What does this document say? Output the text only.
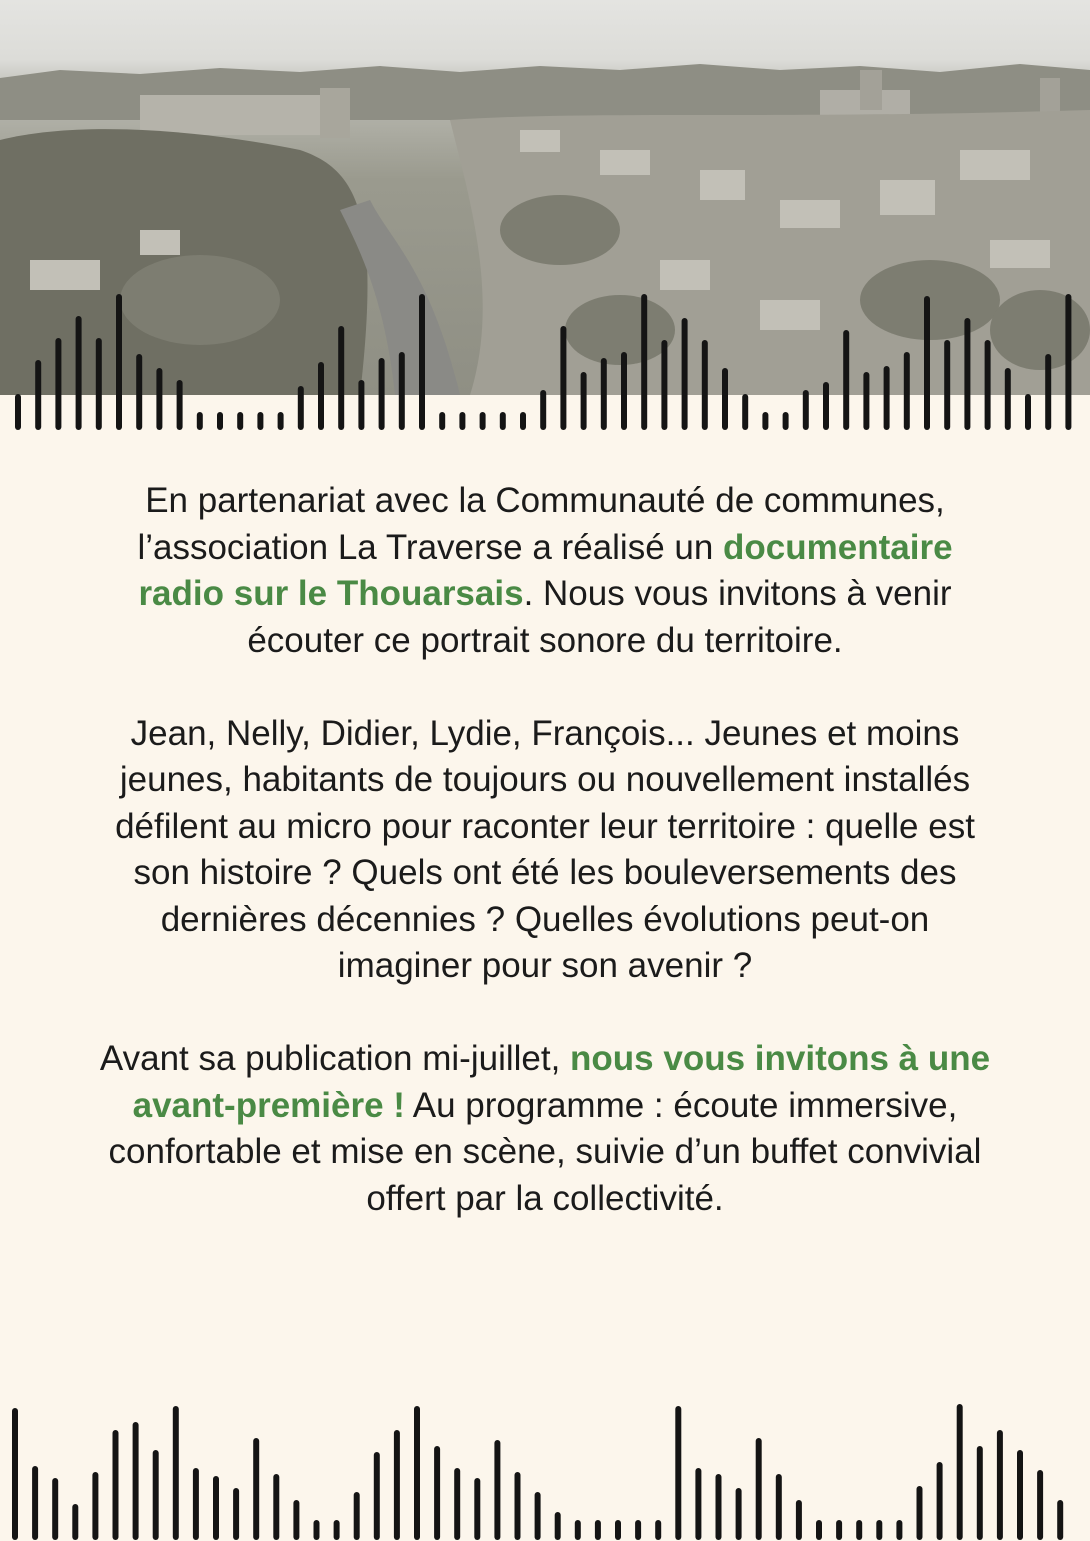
En partenariat avec la Communauté de communes, l’association La Traverse a réalisé un documentaire radio sur le Thouarsais. Nous vous invitons à venir écouter ce portrait sonore du territoire.

Jean, Nelly, Didier, Lydie, François... Jeunes et moins jeunes, habitants de toujours ou nouvellement installés défilent au micro pour raconter leur territoire : quelle est son histoire ? Quels ont été les bouleversements des dernières décennies ? Quelles évolutions peut-on imaginer pour son avenir ?

Avant sa publication mi-juillet, nous vous invitons à une avant-première ! Au programme : écoute immersive, confortable et mise en scène, suivie d’un buffet convivial offert par la collectivité.
